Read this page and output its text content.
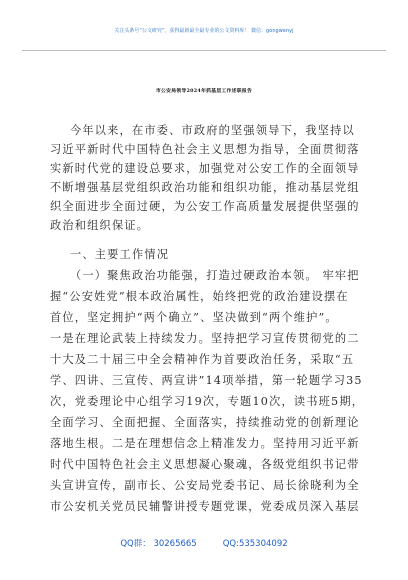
关注头条号“公文研究”，获得最新最全最专业的公文资料库！ 微信：gongwenyj
市公安局领导2024年抓基层工作述职报告
今年以来，在市委、市政府的坚强领导下，我坚持以
习近平新时代中国特色社会主义思想为指导，全面贯彻落
实新时代党的建设总要求，加强党对公安工作的全面领导
不断增强基层党组织政治功能和组织功能，推动基层党组
织全面进步全面过硬，为公安工作高质量发展提供坚强的
政治和组织保证。
一、主要工作情况
（一）聚焦政治功能强，打造过硬政治本领。 牢牢把
握“公安姓党”根本政治属性，始终把党的政治建设摆在
首位，坚定拥护“两个确立”、坚决做到“两个维护”。
一是在理论武装上持续发力。坚持把学习宣传贯彻党的二
十大及二十届三中全会精神作为首要政治任务，采取“五
学、四讲、三宣传、两宣讲”14项举措，第一轮题学习35
次，党委理论中心组学习19次，专题10次，读书班5期，
全面学习、全面把握、全面落实，持续推动党的创新理论
落地生根。二是在理想信念上精准发力。坚持用习近平新
时代中国特色社会主义思想凝心聚魂，各级党组织书记带
头宣讲宣传，副市长、公安局党委书记、局长徐晓利为全
市公安机关党员民辅警讲授专题党课，党委成员深入基层
QQ群： 30265665	QQ:535304092
